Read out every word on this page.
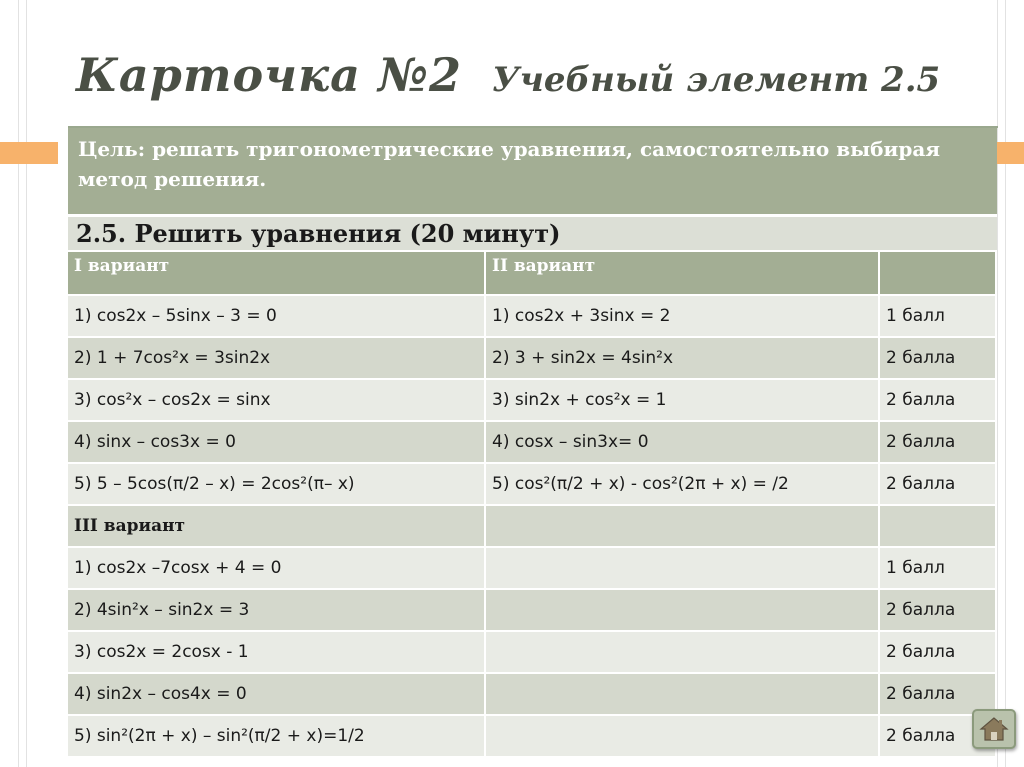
Карточка №2 Учебный элемент 2.5
Цель: решать тригонометрические уравнения, самостоятельно выбирая метод решения.
2.5. Решить уравнения (20 минут)
I вариант	II вариант	
1) cos2x – 5sinx – 3 = 0	1) cos2x + 3sinx = 2	1 балл
2) 1 + 7cos²x = 3sin2x	2) 3 + sin2x = 4sin²x	2 балла
3) cos²x – cos2x = sinx	3) sin2x + cos²x = 1	2 балла
4) sinx – cos3x = 0	4) cosx – sin3x= 0	2 балла
5) 5 – 5cos(π/2 – x) = 2cos²(π– x)	5) cos²(π/2 + x) - cos²(2π + x) = /2	2 балла
III вариант		
1) cos2x –7cosx + 4 = 0		1 балл
2) 4sin²x – sin2x = 3		2 балла
3) cos2x = 2cosx - 1		2 балла
4) sin2x – cos4x = 0		2 балла
5) sin²(2π + x) – sin²(π/2 + x)=1/2		2 балла
